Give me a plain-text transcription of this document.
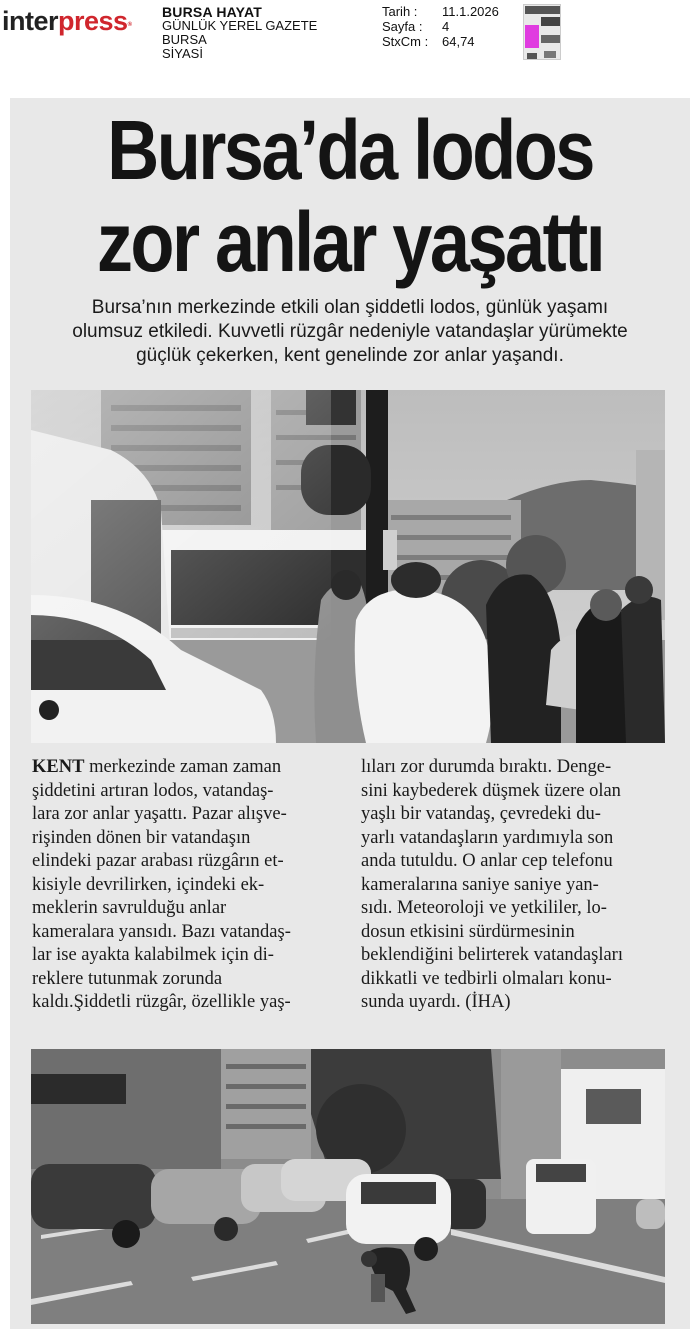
interpress®
BURSA HAYAT
GÜNLÜK YEREL GAZETE
BURSA
SİYASİ
Tarih :	11.1.2026
Sayfa :	4
StxCm :	64,74
Bursa’da lodos
zor anlar yaşattı
Bursa’nın merkezinde etkili olan şiddetli lodos, günlük yaşamı
olumsuz etkiledi. Kuvvetli rüzgâr nedeniyle vatandaşlar yürümekte
güçlük çekerken, kent genelinde zor anlar yaşandı.
KENT merkezinde zaman zaman
şiddetini artıran lodos, vatandaş-
lara zor anlar yaşattı. Pazar alışve-
rişinden dönen bir vatandaşın
elindeki pazar arabası rüzgârın et-
kisiyle devrilirken, içindeki ek-
meklerin savrulduğu anlar
kameralara yansıdı. Bazı vatandaş-
lar ise ayakta kalabilmek için di-
reklere tutunmak zorunda
kaldı.Şiddetli rüzgâr, özellikle yaş-
lıları zor durumda bıraktı. Denge-
sini kaybederek düşmek üzere olan
yaşlı bir vatandaş, çevredeki du-
yarlı vatandaşların yardımıyla son
anda tutuldu. O anlar cep telefonu
kameralarına saniye saniye yan-
sıdı. Meteoroloji ve yetkililer, lo-
dosun etkisini sürdürmesinin
beklendiğini belirterek vatandaşları
dikkatli ve tedbirli olmaları konu-
sunda uyardı. (İHA)
